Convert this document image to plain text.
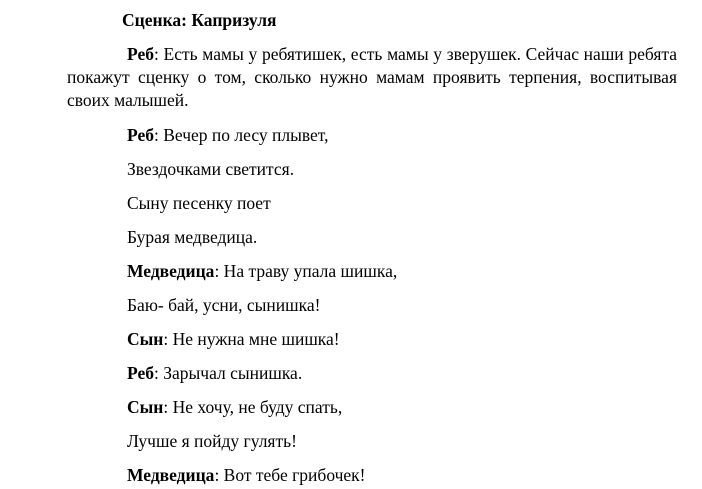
Сценка: Капризуля
Реб: Есть мамы у ребятишек, есть мамы у зверушек. Сейчас наши ребята покажут сценку о том, сколько нужно мамам проявить терпения, воспитывая своих малышей.
Реб: Вечер по лесу плывет,
Звездочками светится.
Сыну песенку поет
Бурая медведица.
Медведица: На траву упала шишка,
Баю- бай, усни, сынишка!
Сын: Не нужна мне шишка!
Реб: Зарычал сынишка.
Сын: Не хочу, не буду спать,
Лучше я пойду гулять!
Медведица: Вот тебе грибочек!
